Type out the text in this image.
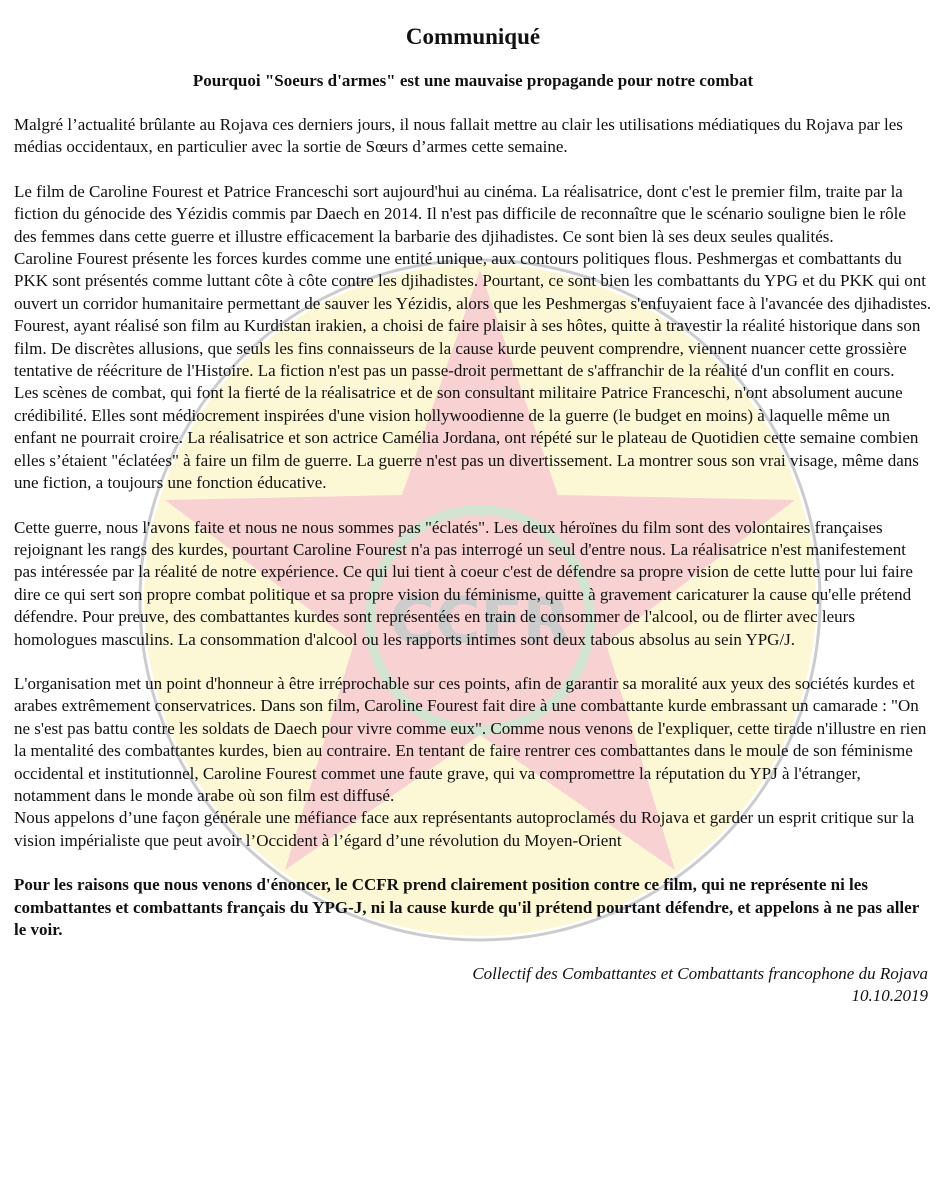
CCFR
Communiqué
Pourquoi "Soeurs d'armes" est une mauvaise propagande pour notre combat

Malgré l’actualité brûlante au Rojava ces derniers jours, il nous fallait mettre au clair les utilisations médiatiques du Rojava par les médias occidentaux, en particulier avec la sortie de Sœurs d’armes cette semaine.

Le film de Caroline Fourest et Patrice Franceschi sort aujourd'hui au cinéma. La réalisatrice, dont c'est le premier film, traite par la fiction du génocide des Yézidis commis par Daech en 2014. Il n'est pas difficile de reconnaître que le scénario souligne bien le rôle des femmes dans cette guerre et illustre efficacement la barbarie des djihadistes. Ce sont bien là ses deux seules qualités.

Caroline Fourest présente les forces kurdes comme une entité unique, aux contours politiques flous. Peshmergas et combattants du PKK sont présentés comme luttant côte à côte contre les djihadistes. Pourtant, ce sont bien les combattants du YPG et du PKK qui ont ouvert un corridor humanitaire permettant de sauver les Yézidis, alors que les Peshmergas s'enfuyaient face à l'avancée des djihadistes. Fourest, ayant réalisé son film au Kurdistan irakien, a choisi de faire plaisir à ses hôtes, quitte à travestir la réalité historique dans son film. De discrètes allusions, que seuls les fins connaisseurs de la cause kurde peuvent comprendre, viennent nuancer cette grossière tentative de réécriture de l'Histoire. La fiction n'est pas un passe-droit permettant de s'affranchir de la réalité d'un conflit en cours.

Les scènes de combat, qui font la fierté de la réalisatrice et de son consultant militaire Patrice Franceschi, n'ont absolument aucune crédibilité. Elles sont médiocrement inspirées d'une vision hollywoodienne de la guerre (le budget en moins) à laquelle même un enfant ne pourrait croire. La réalisatrice et son actrice Camélia Jordana, ont répété sur le plateau de Quotidien cette semaine combien elles s’étaient "éclatées" à faire un film de guerre. La guerre n'est pas un divertissement. La montrer sous son vrai visage, même dans une fiction, a toujours une fonction éducative.

Cette guerre, nous l'avons faite et nous ne nous sommes pas "éclatés". Les deux héroïnes du film sont des volontaires françaises rejoignant les rangs des kurdes, pourtant Caroline Fourest n'a pas interrogé un seul d'entre nous. La réalisatrice n'est manifestement pas intéressée par la réalité de notre expérience. Ce qui lui tient à coeur c'est de défendre sa propre vision de cette lutte pour lui faire dire ce qui sert son propre combat politique et sa propre vision du féminisme, quitte à gravement caricaturer la cause qu'elle prétend défendre. Pour preuve, des combattantes kurdes sont représentées en train de consommer de l'alcool, ou de flirter avec leurs homologues masculins. La consommation d'alcool ou les rapports intimes sont deux tabous absolus au sein YPG/J.

L'organisation met un point d'honneur à être irréprochable sur ces points, afin de garantir sa moralité aux yeux des sociétés kurdes et arabes extrêmement conservatrices. Dans son film, Caroline Fourest fait dire à une combattante kurde embrassant un camarade : "On ne s'est pas battu contre les soldats de Daech pour vivre comme eux". Comme nous venons de l'expliquer, cette tirade n'illustre en rien la mentalité des combattantes kurdes, bien au contraire. En tentant de faire rentrer ces combattantes dans le moule de son féminisme occidental et institutionnel, Caroline Fourest commet une faute grave, qui va compromettre la réputation du YPJ à l'étranger, notamment dans le monde arabe où son film est diffusé.

Nous appelons d’une façon générale une méfiance face aux représentants autoproclamés du Rojava et garder un esprit critique sur la vision impérialiste que peut avoir l’Occident à l’égard d’une révolution du Moyen-Orient

Pour les raisons que nous venons d'énoncer, le CCFR prend clairement position contre ce film, qui ne représente ni les combattantes et combattants français du YPG-J, ni la cause kurde qu'il prétend pourtant défendre, et appelons à ne pas aller le voir.

Collectif des Combattantes et Combattants francophone du Rojava
10.10.2019
